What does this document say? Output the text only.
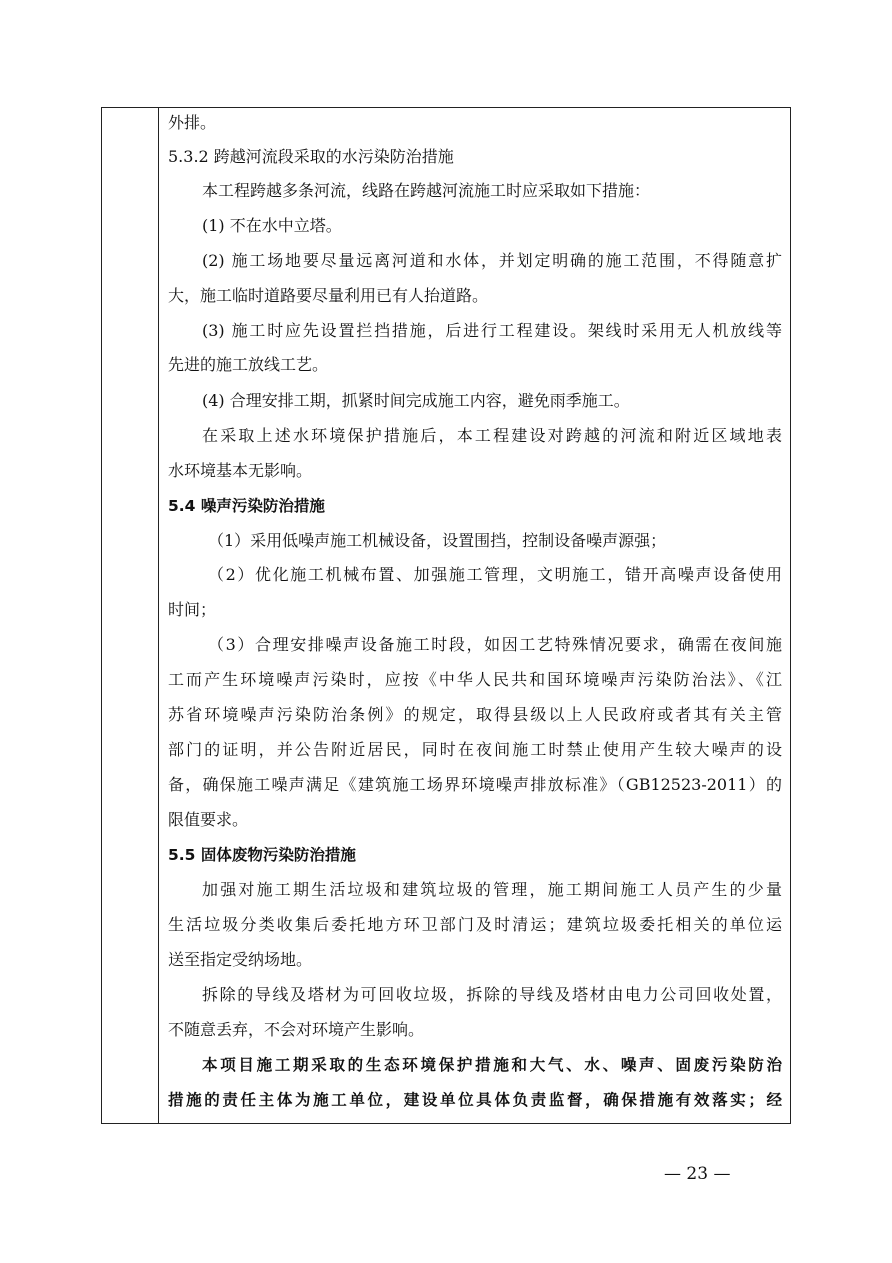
外排。
5.3.2 跨越河流段采取的水污染防治措施
本工程跨越多条河流，线路在跨越河流施工时应采取如下措施：
(1) 不在水中立塔。
(2) 施工场地要尽量远离河道和水体，并划定明确的施工范围，不得随意扩
大，施工临时道路要尽量利用已有人抬道路。
(3) 施工时应先设置拦挡措施，后进行工程建设。架线时采用无人机放线等
先进的施工放线工艺。
(4) 合理安排工期，抓紧时间完成施工内容，避免雨季施工。
在采取上述水环境保护措施后，本工程建设对跨越的河流和附近区域地表
水环境基本无影响。
5.4 噪声污染防治措施
（1）采用低噪声施工机械设备，设置围挡，控制设备噪声源强；
（2）优化施工机械布置、加强施工管理，文明施工，错开高噪声设备使用
时间；
（3）合理安排噪声设备施工时段，如因工艺特殊情况要求，确需在夜间施
工而产生环境噪声污染时，应按《中华人民共和国环境噪声污染防治法》、《江
苏省环境噪声污染防治条例》的规定，取得县级以上人民政府或者其有关主管
部门的证明，并公告附近居民，同时在夜间施工时禁止使用产生较大噪声的设
备，确保施工噪声满足《建筑施工场界环境噪声排放标准》（GB12523-2011）的
限值要求。
5.5 固体废物污染防治措施
加强对施工期生活垃圾和建筑垃圾的管理，施工期间施工人员产生的少量
生活垃圾分类收集后委托地方环卫部门及时清运；建筑垃圾委托相关的单位运
送至指定受纳场地。
拆除的导线及塔材为可回收垃圾，拆除的导线及塔材由电力公司回收处置，
不随意丢弃，不会对环境产生影响。
本项目施工期采取的生态环境保护措施和大气、水、噪声、固废污染防治
措施的责任主体为施工单位，建设单位具体负责监督，确保措施有效落实；经
— 23 —
